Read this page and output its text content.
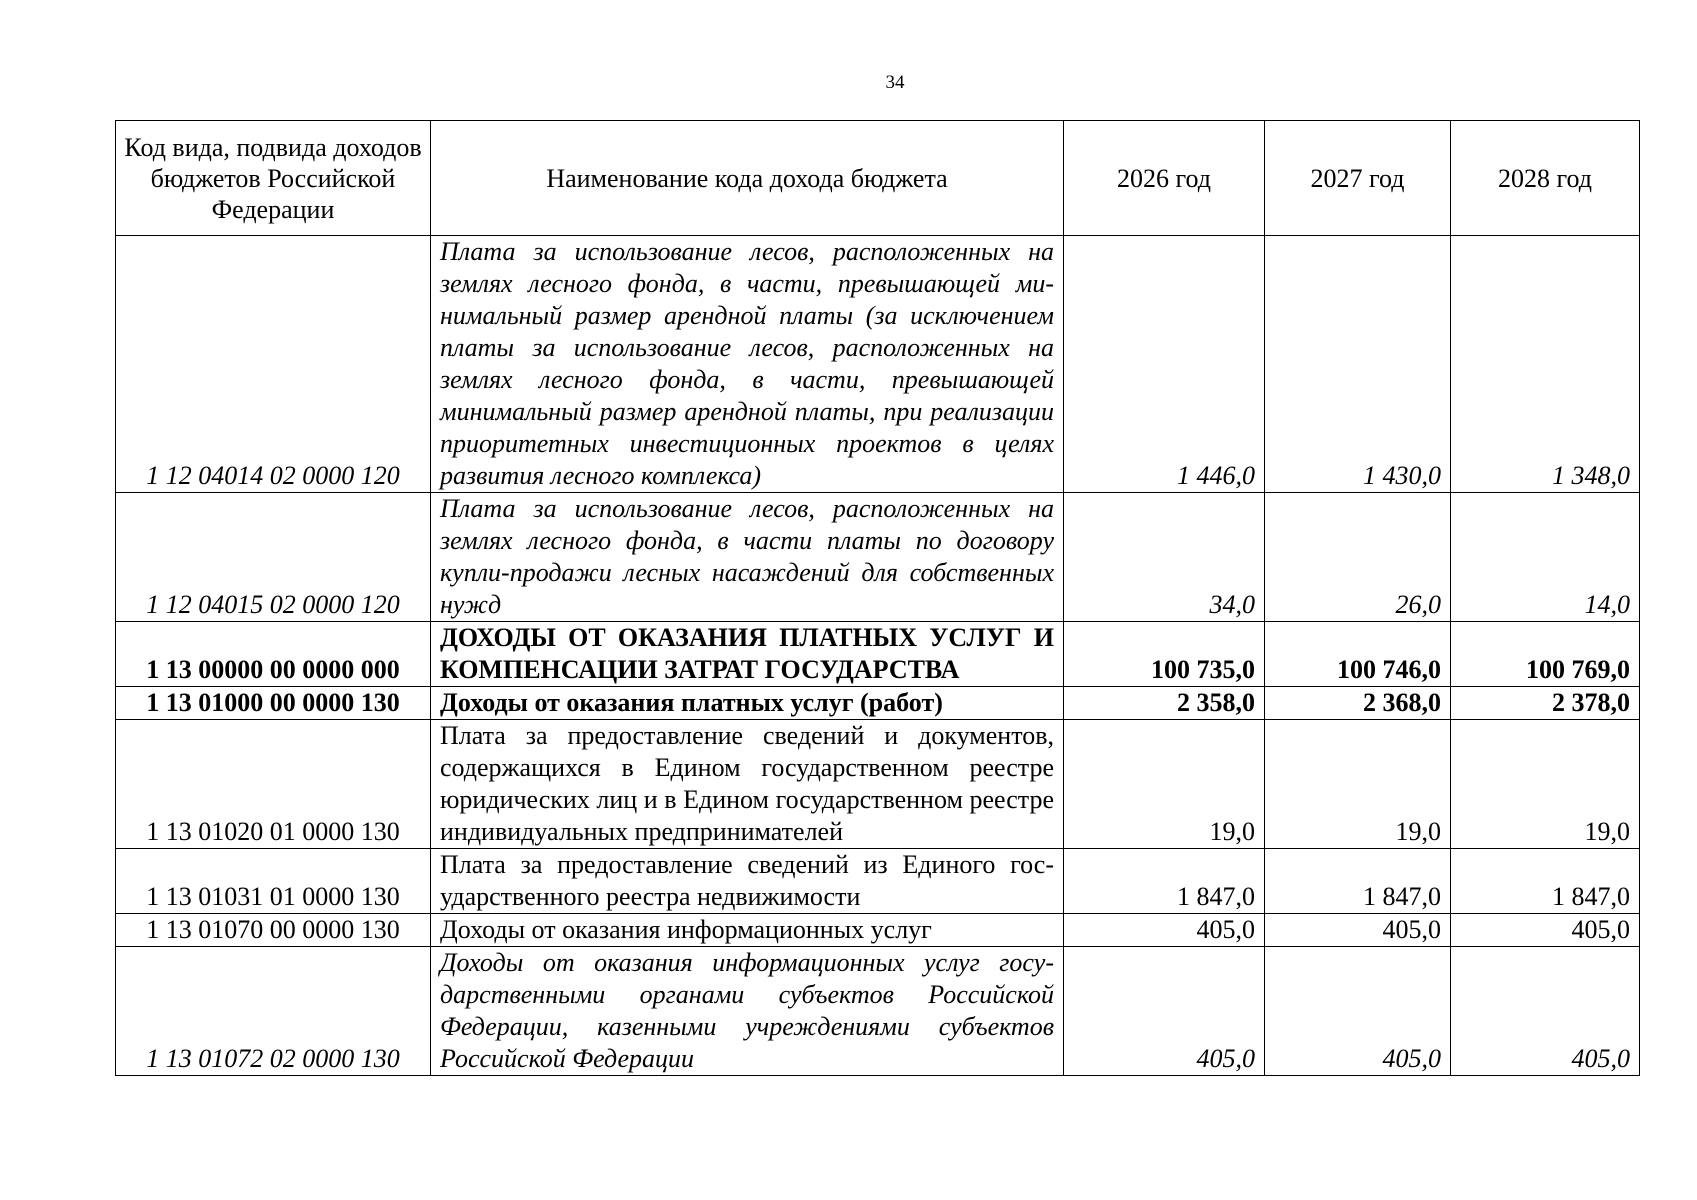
34
Код вида, подвида доходов бюджетов Российской Федерации	Наименование кода дохода бюджета	2026 год	2027 год	2028 год
1 12 04014 02 0000 120	Плата за использование лесов, расположенных на землях лесного фонда, в части, превышающей минимальный размер арендной платы (за исключением платы за использование лесов, расположенных на землях лесного фонда, в части, превышающей минимальный размер арендной платы, при реализации приоритетных инвестиционных проектов в целях развития лесного комплекса)	1 446,0	1 430,0	1 348,0
1 12 04015 02 0000 120	Плата за использование лесов, расположенных на землях лесного фонда, в части платы по договору купли-продажи лесных насаждений для собственных нужд	34,0	26,0	14,0
1 13 00000 00 0000 000	ДОХОДЫ ОТ ОКАЗАНИЯ ПЛАТНЫХ УСЛУГ И КОМПЕНСАЦИИ ЗАТРАТ ГОСУДАРСТВА	100 735,0	100 746,0	100 769,0
1 13 01000 00 0000 130	Доходы от оказания платных услуг (работ)	2 358,0	2 368,0	2 378,0
1 13 01020 01 0000 130	Плата за предоставление сведений и документов, содержащихся в Едином государственном реестре юридических лиц и в Едином государственном реестре индивидуальных предпринимателей	19,0	19,0	19,0
1 13 01031 01 0000 130	Плата за предоставление сведений из Единого государственного реестра недвижимости	1 847,0	1 847,0	1 847,0
1 13 01070 00 0000 130	Доходы от оказания информационных услуг	405,0	405,0	405,0
1 13 01072 02 0000 130	Доходы от оказания информационных услуг государственными органами субъектов Российской Федерации, казенными учреждениями субъектов Российской Федерации	405,0	405,0	405,0
